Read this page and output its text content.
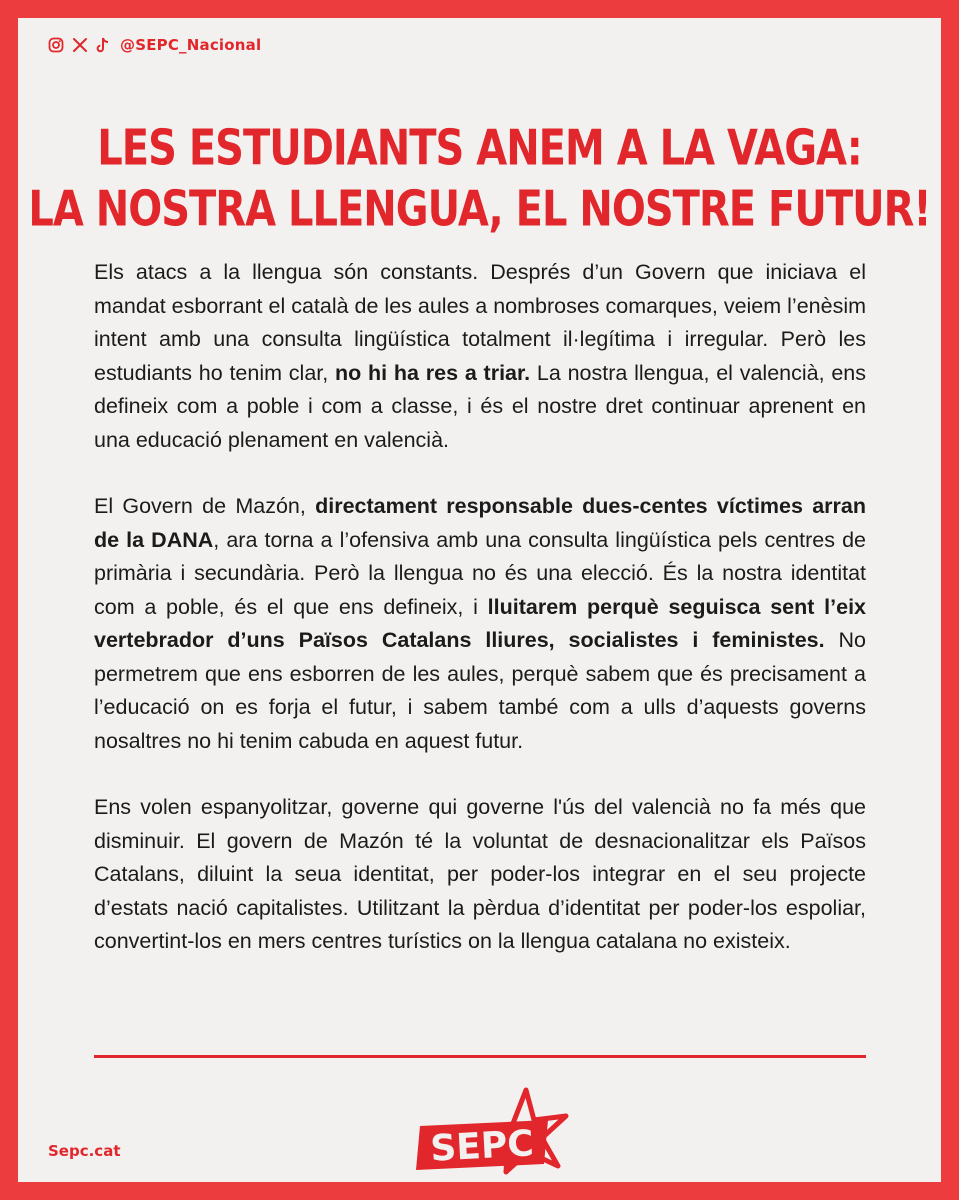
@SEPC_Nacional
LES ESTUDIANTS ANEM A LA VAGA:
LA NOSTRA LLENGUA, EL NOSTRE FUTUR!

Els atacs a la llengua són constants. Després d’un Govern que iniciava el mandat esborrant el català de les aules a nombroses comarques, veiem l’enèsim intent amb una consulta lingüística totalment il·legítima i irregular. Però les estudiants ho tenim clar, no hi ha res a triar. La nostra llengua, el valencià, ens defineix com a poble i com a classe, i és el nostre dret continuar aprenent en una educació plenament en valencià.

El Govern de Mazón, directament responsable dues-centes víctimes arran de la DANA, ara torna a l’ofensiva amb una consulta lingüística pels centres de primària i secundària. Però la llengua no és una elecció. És la nostra identitat com a poble, és el que ens defineix, i lluitarem perquè seguisca sent l’eix vertebrador d’uns Països Catalans lliures, socialistes i feministes. No permetrem que ens esborren de les aules, perquè sabem que és precisament a l’educació on es forja el futur, i sabem també com a ulls d’aquests governs nosaltres no hi tenim cabuda en aquest futur.

Ens volen espanyolitzar, governe qui governe l'ús del valencià no fa més que disminuir. El govern de Mazón té la voluntat de desnacionalitzar els Països Catalans, diluint la seua identitat, per poder-los integrar en el seu projecte d’estats nació capitalistes. Utilitzant la pèrdua d’identitat per poder-los espoliar, convertint-los en mers centres turístics on la llengua catalana no existeix.

Sepc.cat	SEPC
